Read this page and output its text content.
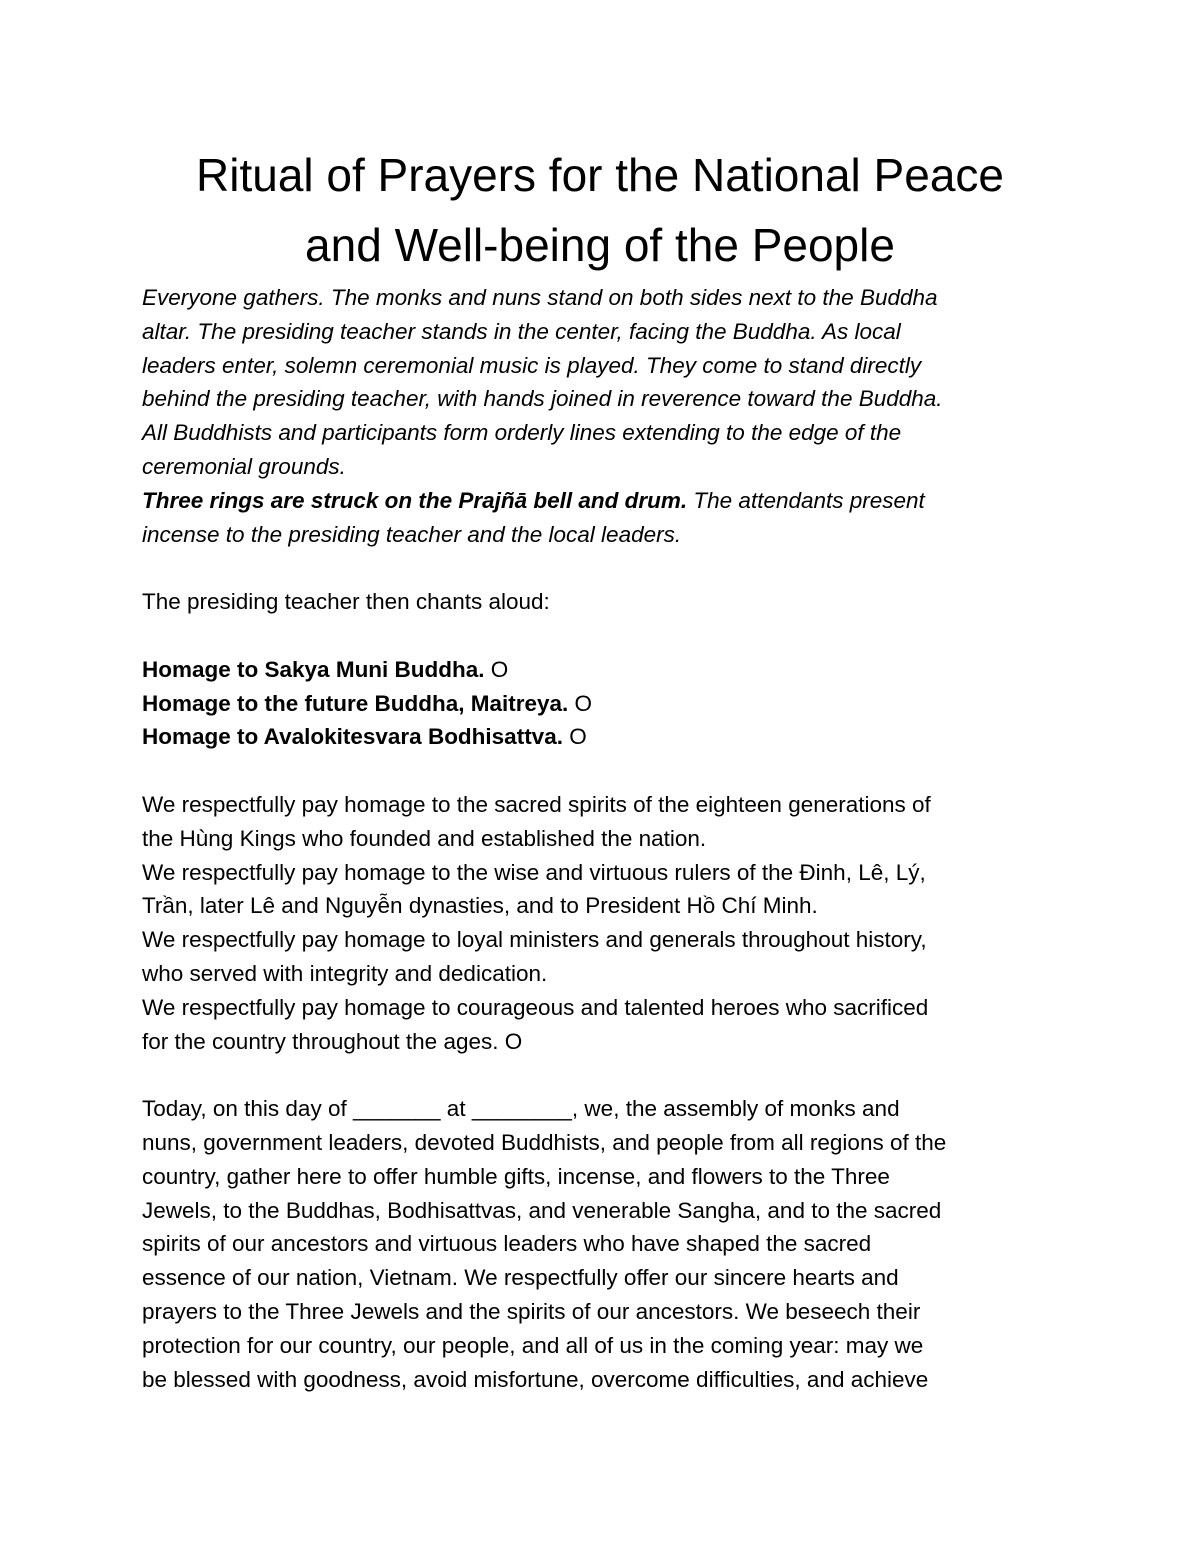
Ritual of Prayers for the National Peace
and Well-being of the People

Everyone gathers. The monks and nuns stand on both sides next to the Buddha

altar. The presiding teacher stands in the center, facing the Buddha. As local

leaders enter, solemn ceremonial music is played. They come to stand directly

behind the presiding teacher, with hands joined in reverence toward the Buddha.

All Buddhists and participants form orderly lines extending to the edge of the

ceremonial grounds.

Three rings are struck on the Prajñā bell and drum. The attendants present

incense to the presiding teacher and the local leaders.

The presiding teacher then chants aloud:

Homage to Sakya Muni Buddha. O

Homage to the future Buddha, Maitreya. O

Homage to Avalokitesvara Bodhisattva. O

We respectfully pay homage to the sacred spirits of the eighteen generations of

the Hùng Kings who founded and established the nation.

We respectfully pay homage to the wise and virtuous rulers of the Đinh, Lê, Lý,

Trần, later Lê and Nguyễn dynasties, and to President Hồ Chí Minh.

We respectfully pay homage to loyal ministers and generals throughout history,

who served with integrity and dedication.

We respectfully pay homage to courageous and talented heroes who sacrificed

for the country throughout the ages. O

Today, on this day of _______ at ________, we, the assembly of monks and

nuns, government leaders, devoted Buddhists, and people from all regions of the

country, gather here to offer humble gifts, incense, and flowers to the Three

Jewels, to the Buddhas, Bodhisattvas, and venerable Sangha, and to the sacred

spirits of our ancestors and virtuous leaders who have shaped the sacred

essence of our nation, Vietnam. We respectfully offer our sincere hearts and

prayers to the Three Jewels and the spirits of our ancestors. We beseech their

protection for our country, our people, and all of us in the coming year: may we

be blessed with goodness, avoid misfortune, overcome difficulties, and achieve
